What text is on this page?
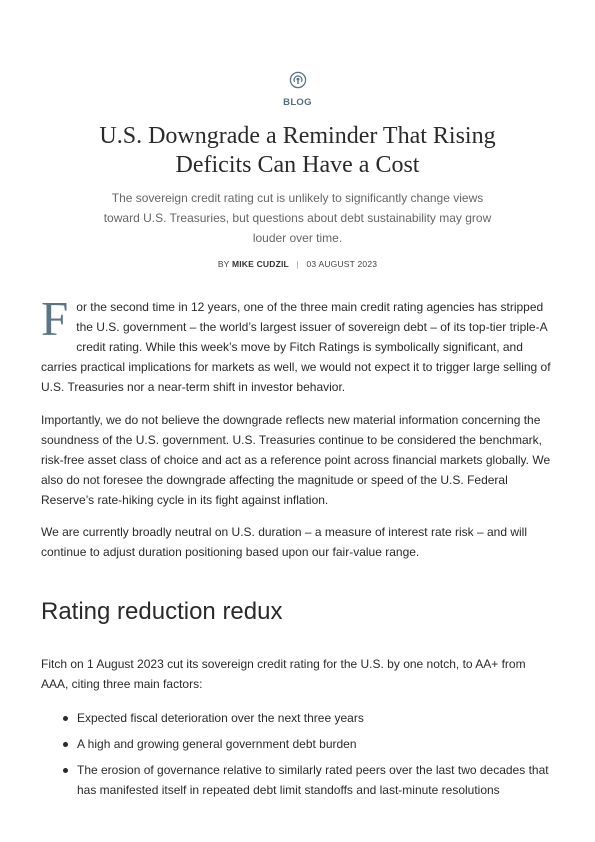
BLOG
U.S. Downgrade a Reminder That Rising Deficits Can Have a Cost

The sovereign credit rating cut is unlikely to significantly change views toward U.S. Treasuries, but questions about debt sustainability may grow louder over time.

BY MIKE CUDZIL | 03 AUGUST 2023

For the second time in 12 years, one of the three main credit rating agencies has stripped the U.S. government – the world’s largest issuer of sovereign debt – of its top-tier triple-A credit rating. While this week’s move by Fitch Ratings is symbolically significant, and carries practical implications for markets as well, we would not expect it to trigger large selling of U.S. Treasuries nor a near-term shift in investor behavior.

Importantly, we do not believe the downgrade reflects new material information concerning the soundness of the U.S. government. U.S. Treasuries continue to be considered the benchmark, risk-free asset class of choice and act as a reference point across financial markets globally. We also do not foresee the downgrade affecting the magnitude or speed of the U.S. Federal Reserve’s rate-hiking cycle in its fight against inflation.

We are currently broadly neutral on U.S. duration – a measure of interest rate risk – and will continue to adjust duration positioning based upon our fair-value range.

Rating reduction redux

Fitch on 1 August 2023 cut its sovereign credit rating for the U.S. by one notch, to AA+ from AAA, citing three main factors:

Expected fiscal deterioration over the next three years
A high and growing general government debt burden
The erosion of governance relative to similarly rated peers over the last two decades that has manifested itself in repeated debt limit standoffs and last-minute resolutions
